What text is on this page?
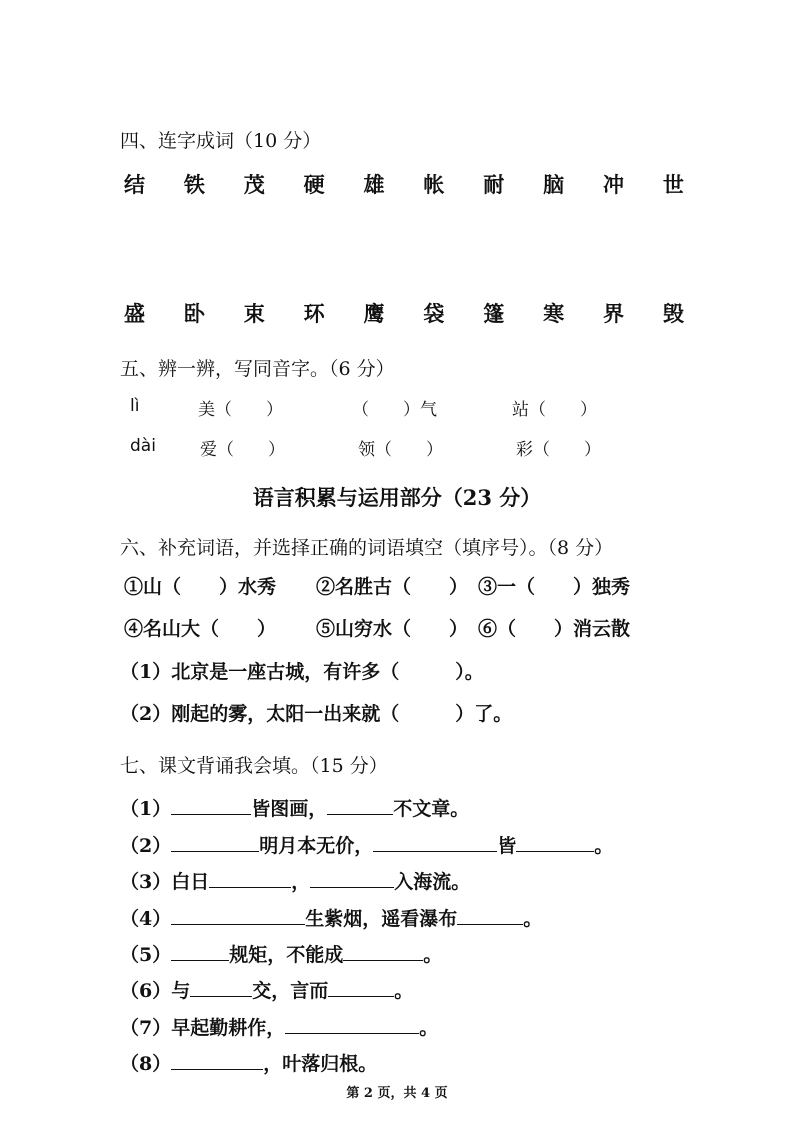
四、连字成词（10 分）
结 铁 茂 硬 雄 帐 耐 脑 冲 世
盛 卧 束 环 鹰 袋 篷 寒 界 毁
五、辨一辨，写同音字。（6 分）
lì	美（　　）	（　　）气	站（　　）
dài	爱（　　）	领（　　）	彩（　　）
语言积累与运用部分（23 分）
六、补充词语，并选择正确的词语填空（填序号）。（8 分）
①山（　　）水秀 ②名胜古（　　） ③一（　　）独秀
④名山大（　　） ⑤山穷水（　　） ⑥（　　）消云散
（1）北京是一座古城，有许多（	）。
（2）刚起的雾，太阳一出来就（	）了。
七、课文背诵我会填。（15 分）
（1）	皆图画，	不文章。
（2）	明月本无价，	皆	。
（3）白日	，	入海流。
（4）	生紫烟，遥看瀑布	。
（5）	规矩，不能成	。
（6）与	交，言而	。
（7）早起勤耕作，	。
（8）	，叶落归根。
第 2 页，共 4 页
